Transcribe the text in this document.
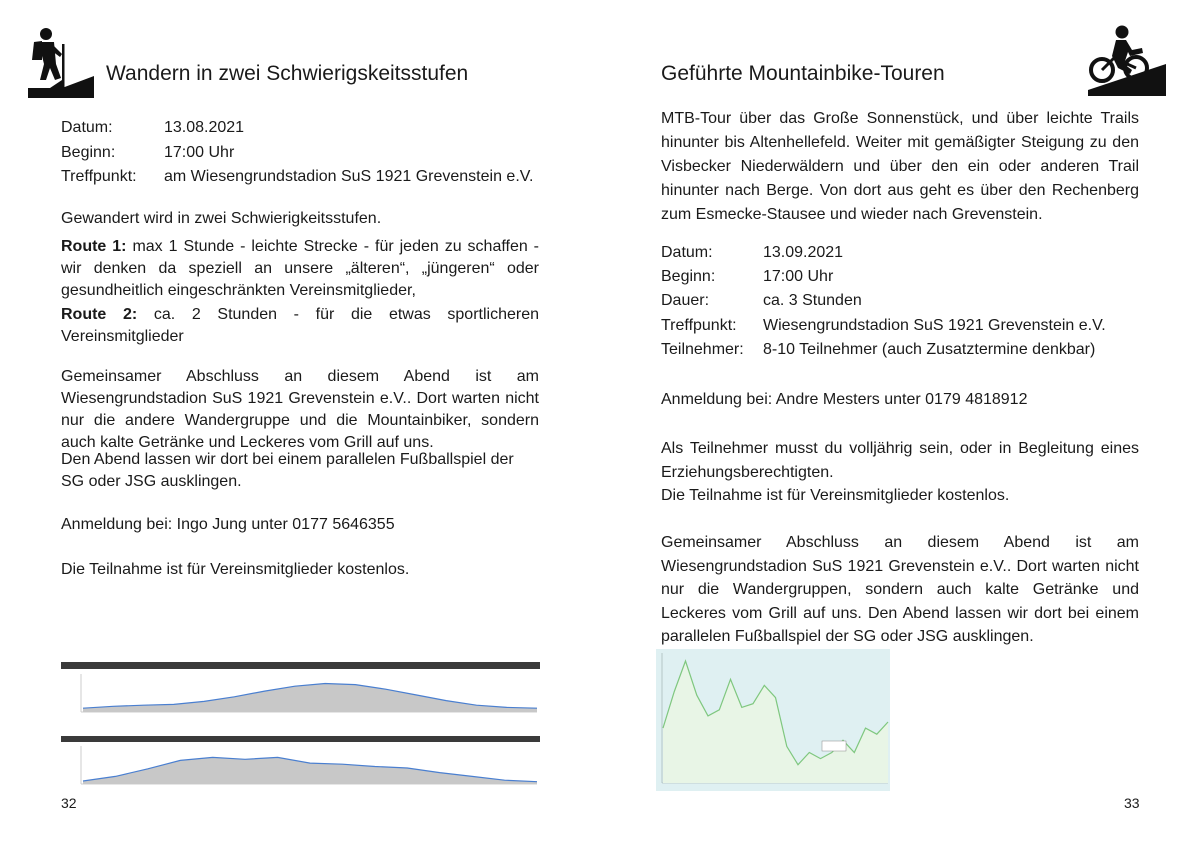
Wandern in zwei Schwierigskeitsstufen
Datum:	13.08.2021
Beginn:	17:00 Uhr
Treffpunkt: am Wiesengrundstadion SuS 1921 Grevenstein e.V.
Gewandert wird in zwei Schwierigkeitsstufen.
Route 1: max 1 Stunde - leichte Strecke - für jeden zu schaffen - wir denken da speziell an unsere „älteren“, „jüngeren“ oder gesundheitlich eingeschränkten Vereinsmitglieder,
Route 2: ca. 2 Stunden - für die etwas sportlicheren Vereinsmitglieder
Gemeinsamer Abschluss an diesem Abend ist am Wiesengrundstadion SuS 1921 Grevenstein e.V.. Dort warten nicht nur die andere Wandergruppe und die Mountainbiker, sondern auch kalte Getränke und Leckeres vom Grill auf uns.
Den Abend lassen wir dort bei einem parallelen Fußballspiel der SG oder JSG ausklingen.
Anmeldung bei: Ingo Jung unter 0177 5646355
Die Teilnahme ist für Vereinsmitglieder kostenlos.
32
Geführte Mountainbike-Touren
MTB-Tour über das Große Sonnenstück, und über leichte Trails hinunter bis Altenhellefeld. Weiter mit gemäßigter Steigung zu den Visbecker Niederwäldern und über den ein oder anderen Trail hinunter nach Berge. Von dort aus geht es über den Rechenberg zum Esmecke-Stausee und wieder nach Grevenstein.
Datum:	13.09.2021
Beginn:	17:00 Uhr
Dauer:	ca. 3 Stunden
Treffpunkt: Wiesengrundstadion SuS 1921 Grevenstein e.V.
Teilnehmer: 8-10 Teilnehmer (auch Zusatztermine denkbar)
Anmeldung bei: Andre Mesters unter 0179 4818912
Als Teilnehmer musst du volljährig sein, oder in Begleitung eines Erziehungsberechtigten.
Die Teilnahme ist für Vereinsmitglieder kostenlos.
Gemeinsamer Abschluss an diesem Abend ist am Wiesengrundstadion SuS 1921 Grevenstein e.V.. Dort warten nicht nur die Wandergruppen, sondern auch kalte Getränke und Leckeres vom Grill auf uns. Den Abend lassen wir dort bei einem parallelen Fußballspiel der SG oder JSG ausklingen.
33
